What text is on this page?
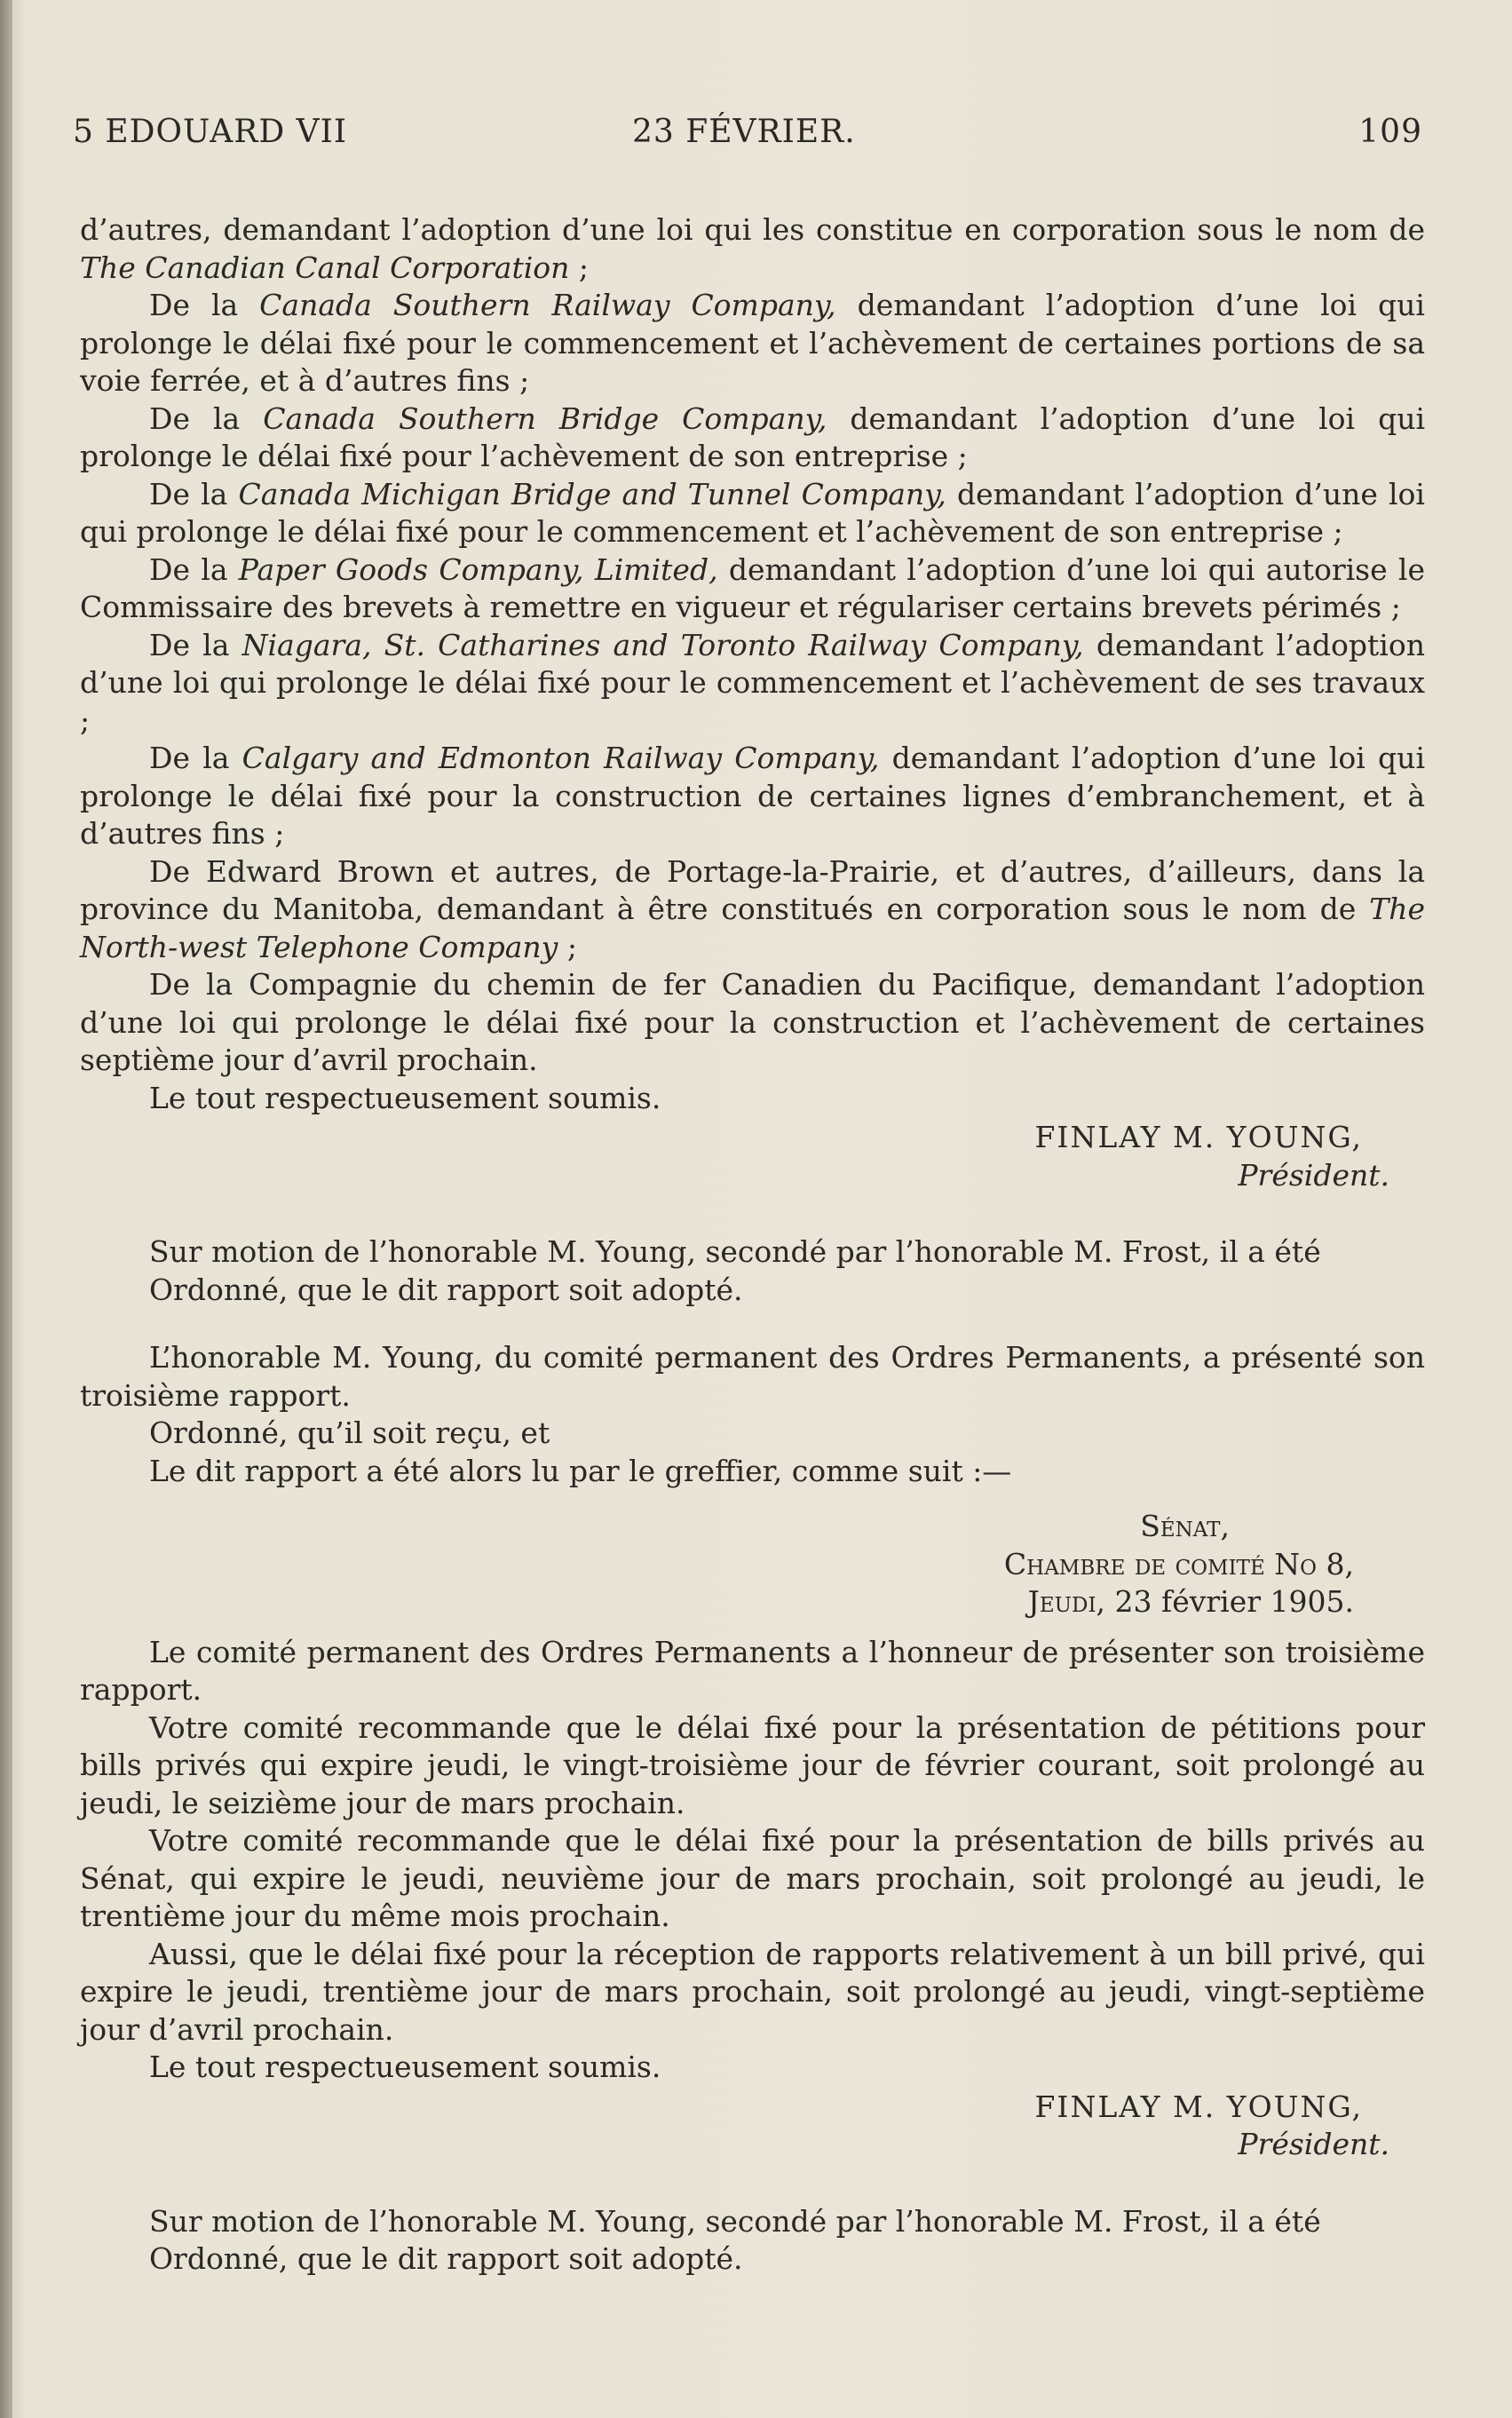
5 EDOUARD VII	23 FÉVRIER.	109

d’autres, demandant l’adoption d’une loi qui les constitue en corporation sous le nom de The Canadian Canal Corporation ;

De la Canada Southern Railway Company, demandant l’adoption d’une loi qui prolonge le délai fixé pour le commencement et l’achèvement de certaines portions de sa voie ferrée, et à d’autres fins ;

De la Canada Southern Bridge Company, demandant l’adoption d’une loi qui prolonge le délai fixé pour l’achèvement de son entreprise ;

De la Canada Michigan Bridge and Tunnel Company, demandant l’adoption d’une loi qui prolonge le délai fixé pour le commencement et l’achèvement de son entreprise ;

De la Paper Goods Company, Limited, demandant l’adoption d’une loi qui autorise le Commissaire des brevets à remettre en vigueur et régulariser certains brevets périmés ;

De la Niagara, St. Catharines and Toronto Railway Company, demandant l’adoption d’une loi qui prolonge le délai fixé pour le commencement et l’achèvement de ses travaux ;

De la Calgary and Edmonton Railway Company, demandant l’adoption d’une loi qui prolonge le délai fixé pour la construction de certaines lignes d’embranchement, et à d’autres fins ;

De Edward Brown et autres, de Portage-la-Prairie, et d’autres, d’ailleurs, dans la province du Manitoba, demandant à être constitués en corporation sous le nom de The North-west Telephone Company ;

De la Compagnie du chemin de fer Canadien du Pacifique, demandant l’adoption d’une loi qui prolonge le délai fixé pour la construction et l’achèvement de certaines septième jour d’avril prochain.

Le tout respectueusement soumis.

FINLAY M. YOUNG,

Président.

Sur motion de l’honorable M. Young, secondé par l’honorable M. Frost, il a été

Ordonné, que le dit rapport soit adopté.

L’honorable M. Young, du comité permanent des Ordres Permanents, a présenté son troisième rapport.

Ordonné, qu’il soit reçu, et

Le dit rapport a été alors lu par le greffier, comme suit :—

Sénat,

Chambre de comité No 8,

Jeudi, 23 février 1905.

Le comité permanent des Ordres Permanents a l’honneur de présenter son troisième rapport.

Votre comité recommande que le délai fixé pour la présentation de pétitions pour bills privés qui expire jeudi, le vingt-troisième jour de février courant, soit prolongé au jeudi, le seizième jour de mars prochain.

Votre comité recommande que le délai fixé pour la présentation de bills privés au Sénat, qui expire le jeudi, neuvième jour de mars prochain, soit prolongé au jeudi, le trentième jour du même mois prochain.

Aussi, que le délai fixé pour la réception de rapports relativement à un bill privé, qui expire le jeudi, trentième jour de mars prochain, soit prolongé au jeudi, vingt-septième jour d’avril prochain.

Le tout respectueusement soumis.

FINLAY M. YOUNG,

Président.

Sur motion de l’honorable M. Young, secondé par l’honorable M. Frost, il a été

Ordonné, que le dit rapport soit adopté.
